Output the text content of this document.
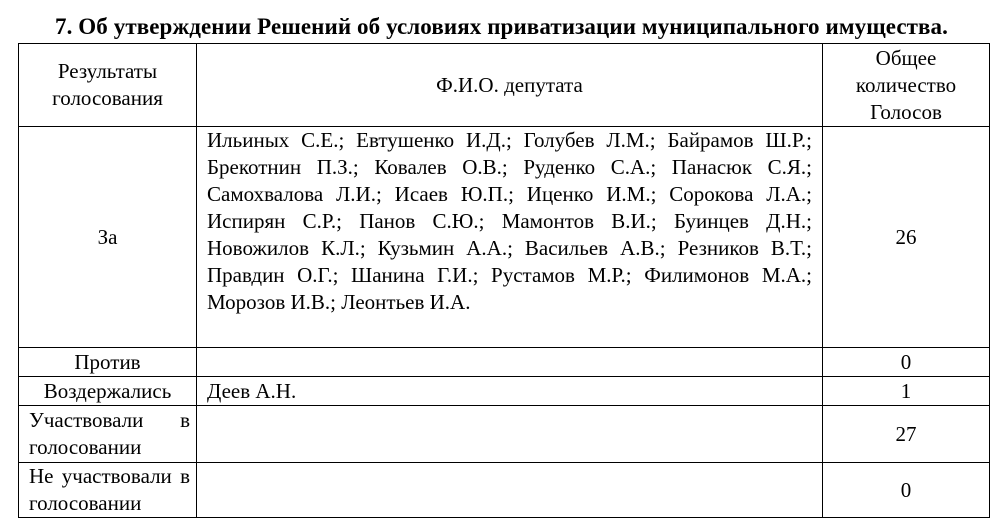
7. Об утверждении Решений об условиях приватизации муниципального имущества.
Результаты голосования	Ф.И.О. депутата	Общее количество Голосов
За	Ильиных С.Е.; Евтушенко И.Д.; Голубев Л.М.; Байрамов Ш.Р.; Брекотнин П.З.; Ковалев О.В.; Руденко С.А.; Панасюк С.Я.; Самохвалова Л.И.; Исаев Ю.П.; Иценко И.М.; Сорокова Л.А.; Испирян С.Р.; Панов С.Ю.; Мамонтов В.И.; Буинцев Д.Н.; Новожилов К.Л.; Кузьмин А.А.; Васильев А.В.; Резников В.Т.; Правдин О.Г.; Шанина Г.И.; Рустамов М.Р.; Филимонов М.А.; Морозов И.В.; Леонтьев И.А.	26
Против		0
Воздержались	Деев А.Н.	1
Участвовали в голосовании		27
Не участвовали в голосовании		0
